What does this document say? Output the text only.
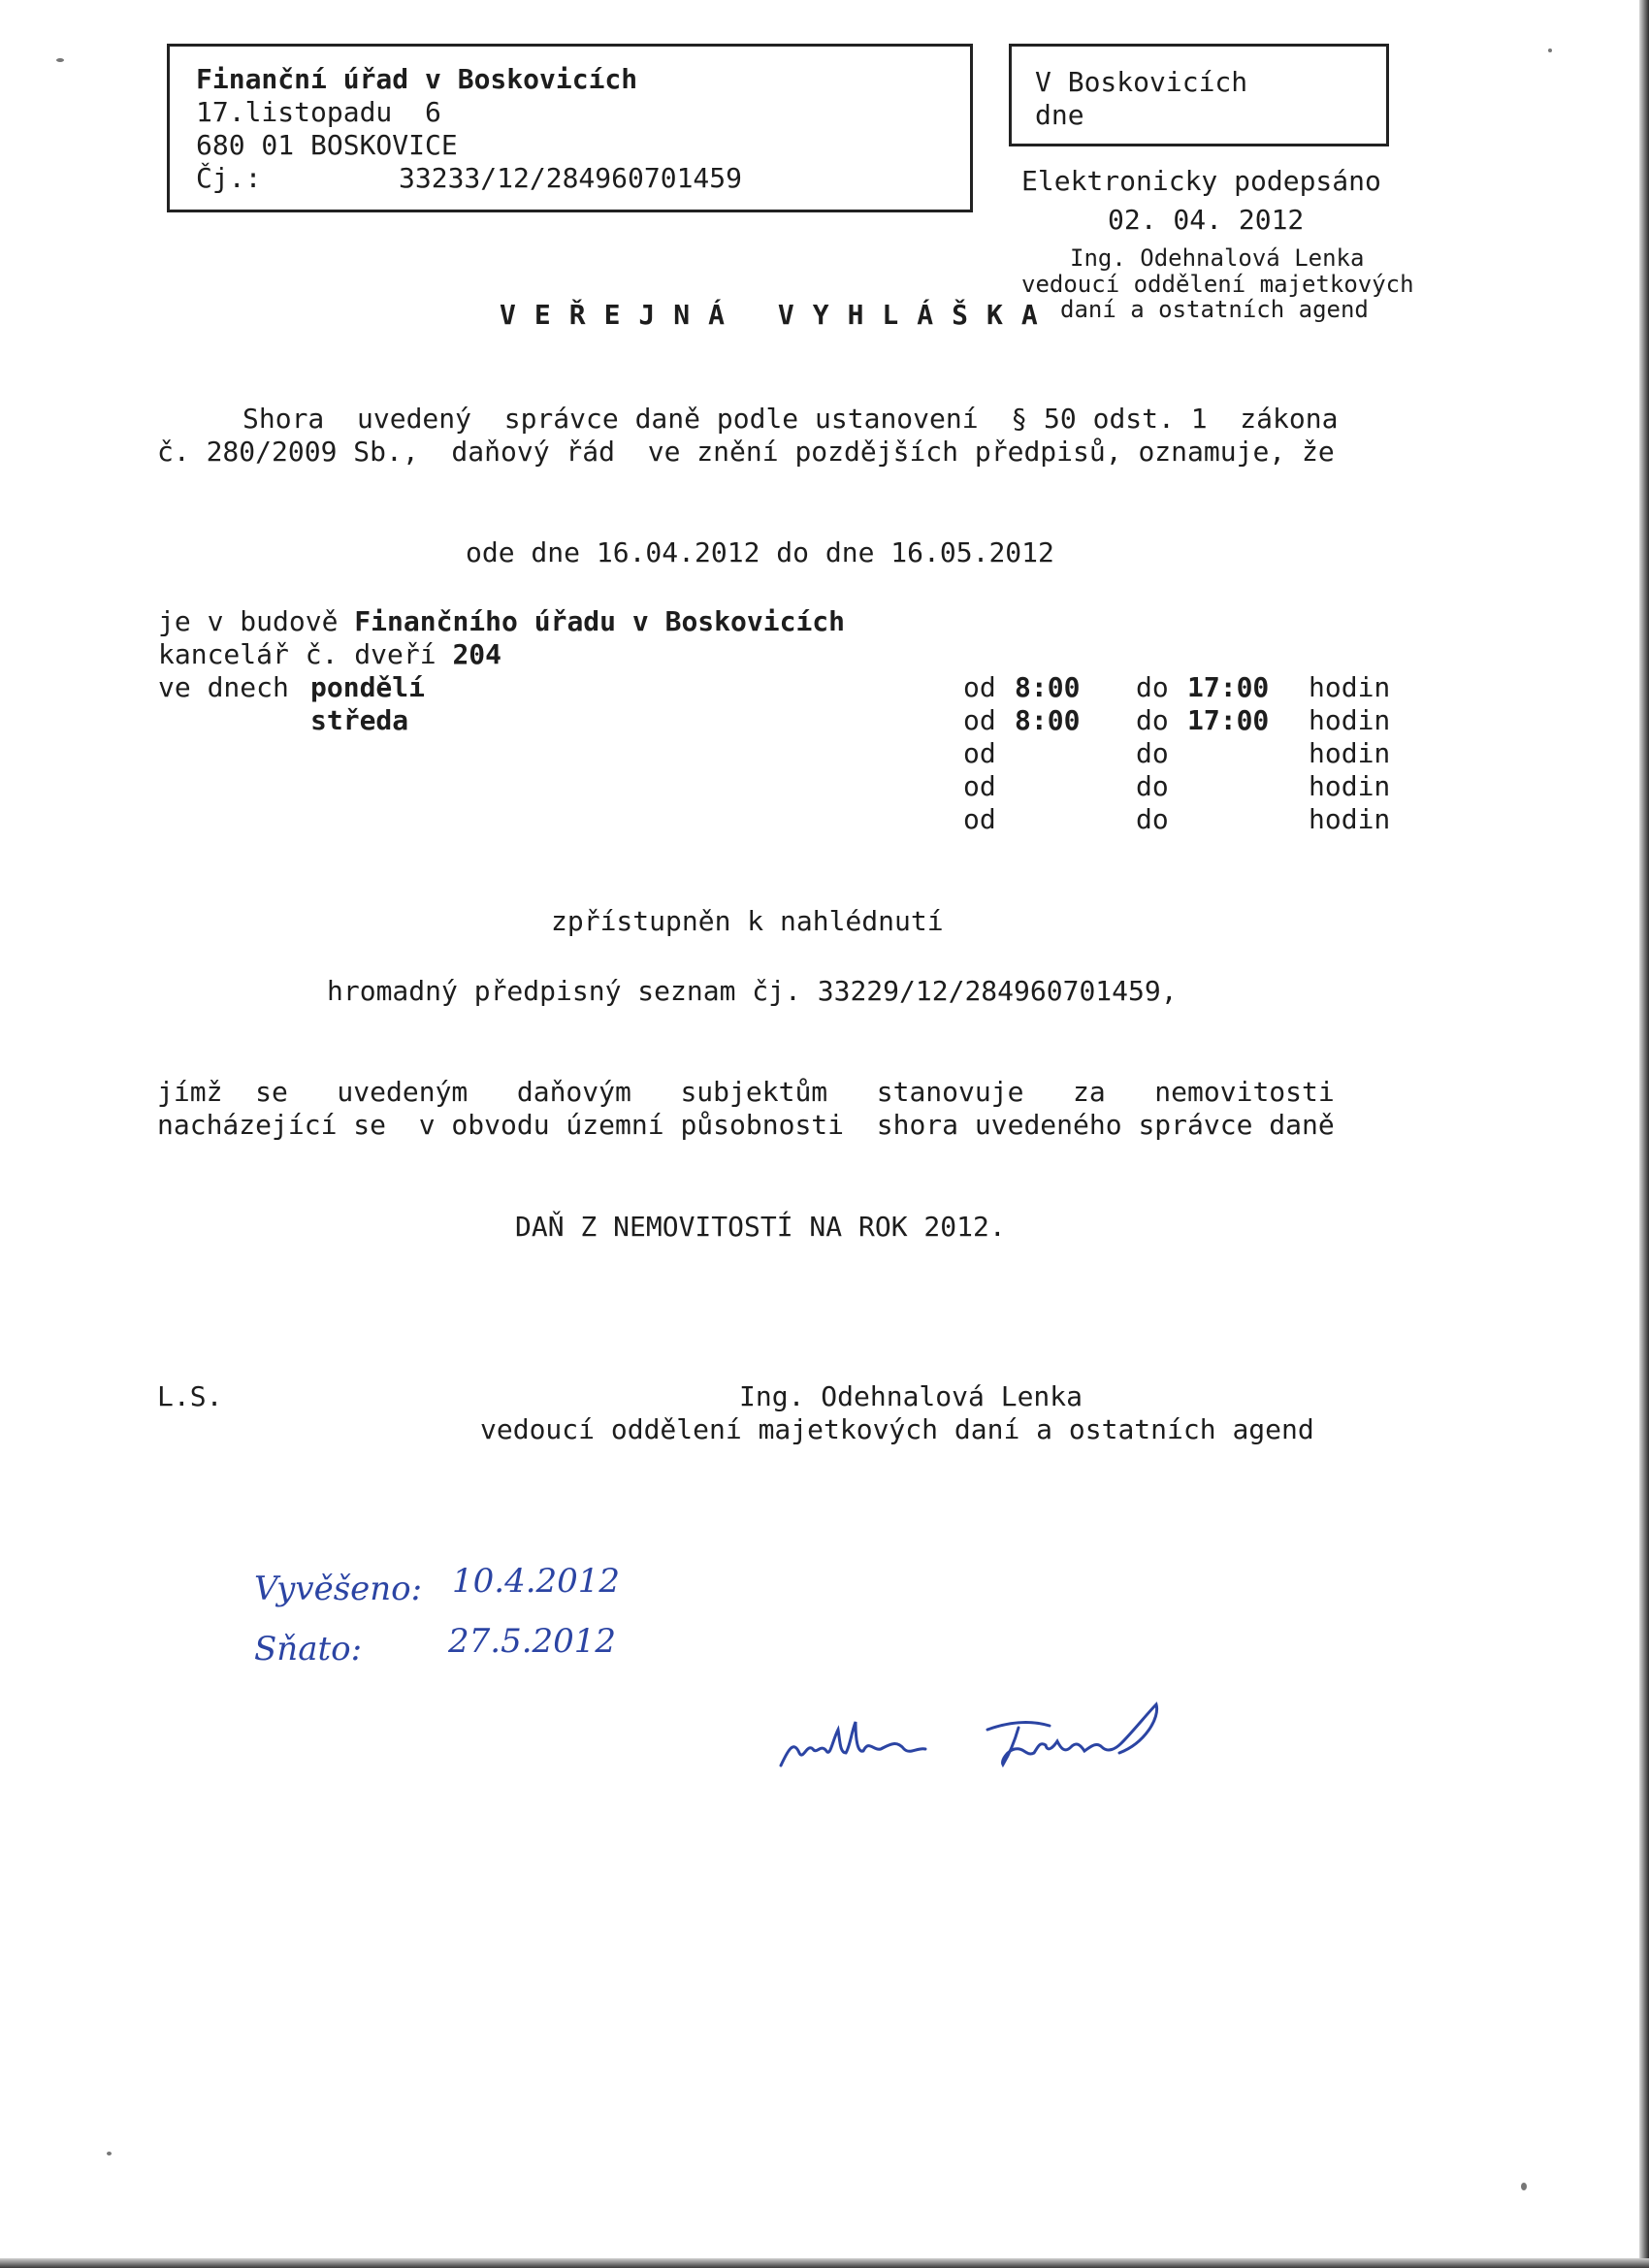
Finanční úřad v Boskovicích
17.listopadu  6
680 01 BOSKOVICE
Čj.:	33233/12/284960701459
V Boskovicích
dne
Elektronicky podepsáno
02. 04. 2012
Ing. Odehnalová Lenka
vedoucí oddělení majetkových
daní a ostatních agend
VEŘEJNÁ VYHLÁŠKA
Shora  uvedený  správce daně podle ustanovení  § 50 odst. 1  zákona
č. 280/2009 Sb.,  daňový řád  ve znění pozdějších předpisů, oznamuje, že
ode dne 16.04.2012 do dne 16.05.2012
je v budově Finančního úřadu v Boskovicích
kancelář č. dveří 204
ve dnech pondělí	od 8:00 do 17:00 hodin
středa	od 8:00 do 17:00 hodin
od	do	hodin
od	do	hodin
od	do	hodin
zpřístupněn k nahlédnutí
hromadný předpisný seznam čj. 33229/12/284960701459,
jímž  se   uvedeným   daňovým   subjektům   stanovuje   za   nemovitosti
nacházející se  v obvodu územní působnosti  shora uvedeného správce daně
DAŇ Z NEMOVITOSTÍ NA ROK 2012.
L.S.	Ing. Odehnalová Lenka
vedoucí oddělení majetkových daní a ostatních agend
Vyvěšeno: 10.4.2012
Sňato:	27.5.2012
